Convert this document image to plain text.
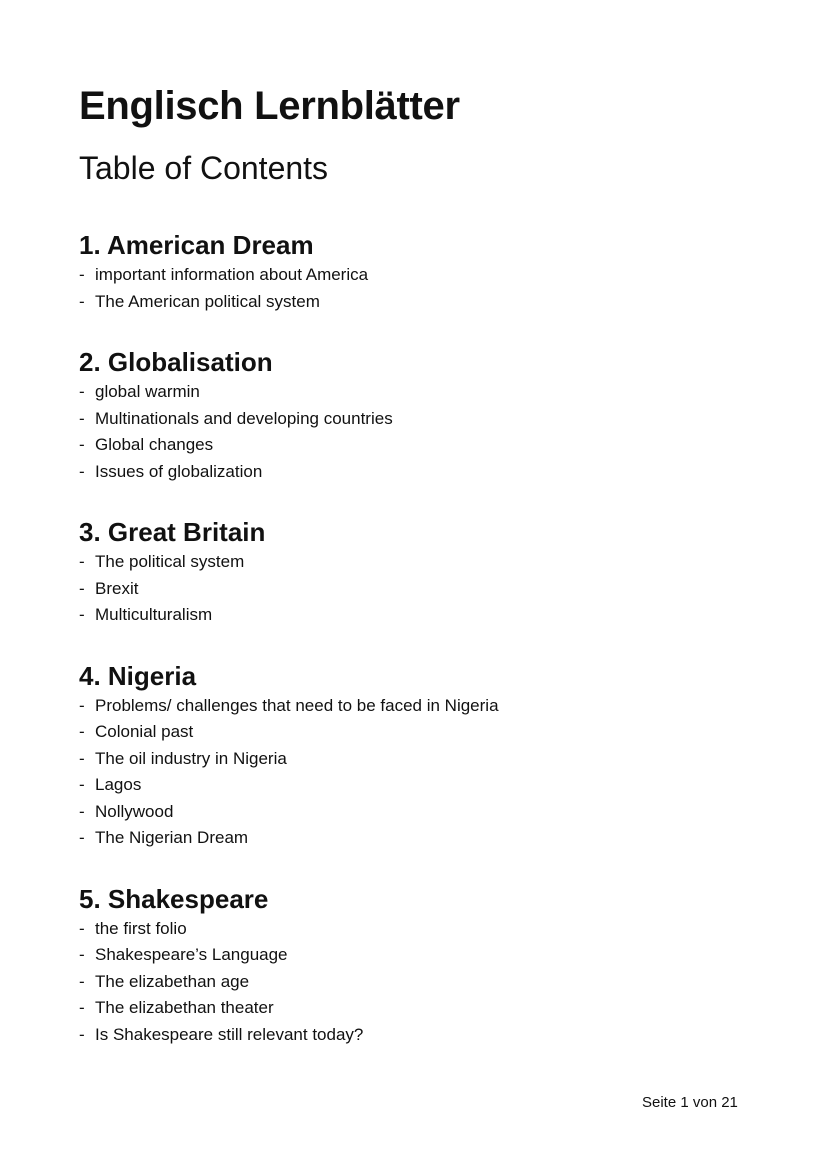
Englisch Lernblätter
Table of Contents
1. American Dream
- important information about America
- The American political system
2. Globalisation
- global warmin
- Multinationals and developing countries
- Global changes
- Issues of globalization
3. Great Britain
- The political system
- Brexit
- Multiculturalism
4. Nigeria
- Problems/ challenges that need to be faced in Nigeria
- Colonial past
- The oil industry in Nigeria
- Lagos
- Nollywood
- The Nigerian Dream
5. Shakespeare
- the first folio
- Shakespeare’s Language
- The elizabethan age
- The elizabethan theater
- Is Shakespeare still relevant today?
Seite 1 von 21
